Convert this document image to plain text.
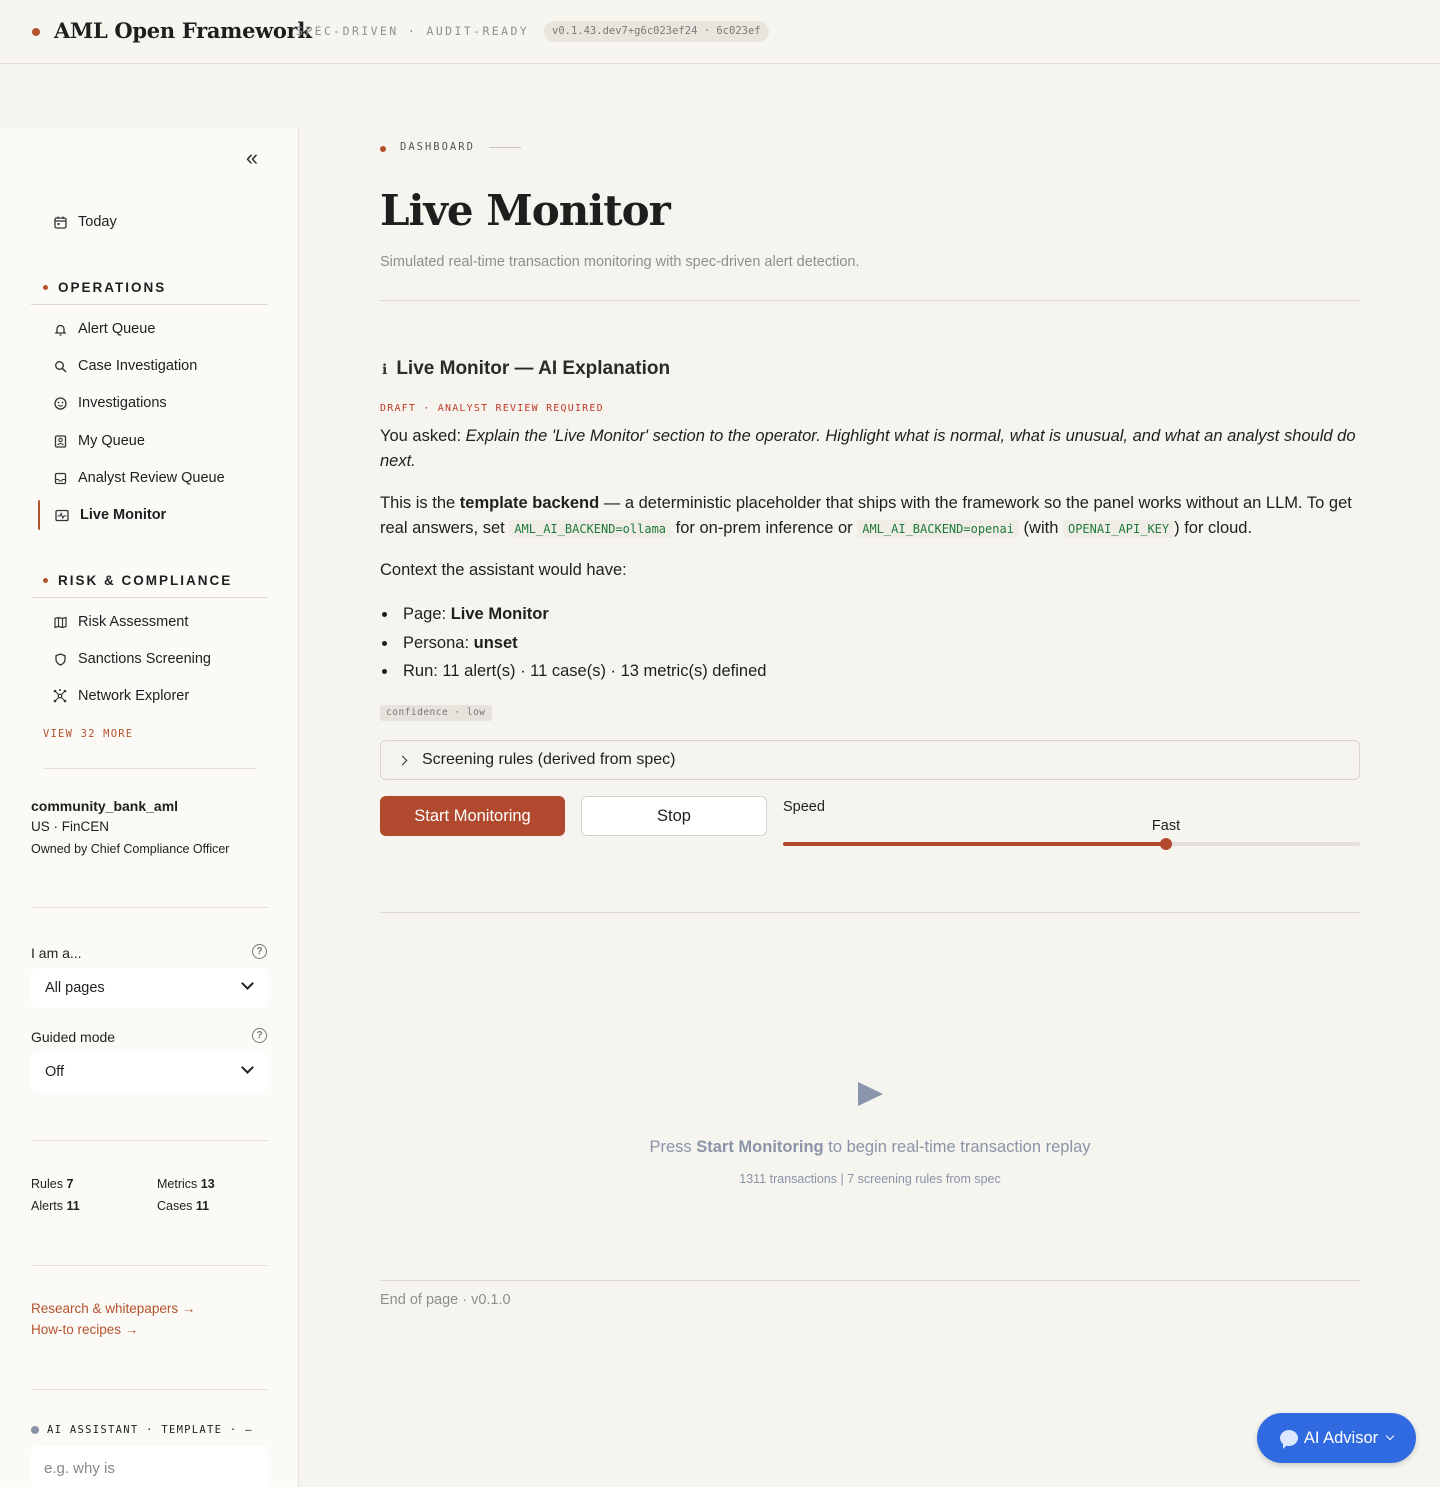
AML Open Framework
SPEC-DRIVEN · AUDIT-READY	v0.1.43.dev7+g6c023ef24 · 6c023ef
«
Today
OPERATIONS
Alert Queue
Case Investigation
Investigations
My Queue
Analyst Review Queue
Live Monitor
RISK & COMPLIANCE
Risk Assessment
Sanctions Screening
Network Explorer
VIEW 32 MORE
community_bank_aml
US · FinCEN
Owned by Chief Compliance Officer
I am a...	?
All pages
Guided mode	?
Off
Rules 7	Metrics 13
Alerts 11	Cases 11
Research & whitepapers →
How-to recipes →
AI ASSISTANT · TEMPLATE · —
e.g. why is
DASHBOARD
Live Monitor

Simulated real-time transaction monitoring with spec-driven alert detection.

ℹ Live Monitor — AI Explanation
DRAFT · ANALYST REVIEW REQUIRED

You asked: Explain the 'Live Monitor' section to the operator. Highlight what is normal, what is unusual, and what an analyst should do next.

This is the template backend — a deterministic placeholder that ships with the framework so the panel works without an LLM. To get real answers, set AML_AI_BACKEND=ollama for on-prem inference or AML_AI_BACKEND=openai (with OPENAI_API_KEY ) for cloud.

Context the assistant would have:

Page: Live Monitor
Persona: unset
Run: 11 alert(s) · 11 case(s) · 13 metric(s) defined
confidence · low
Screening rules (derived from spec)
Start Monitoring	Stop	Speed
Fast

Press Start Monitoring to begin real-time transaction replay

1311 transactions | 7 screening rules from spec

End of page · v0.1.0
AI Advisor
